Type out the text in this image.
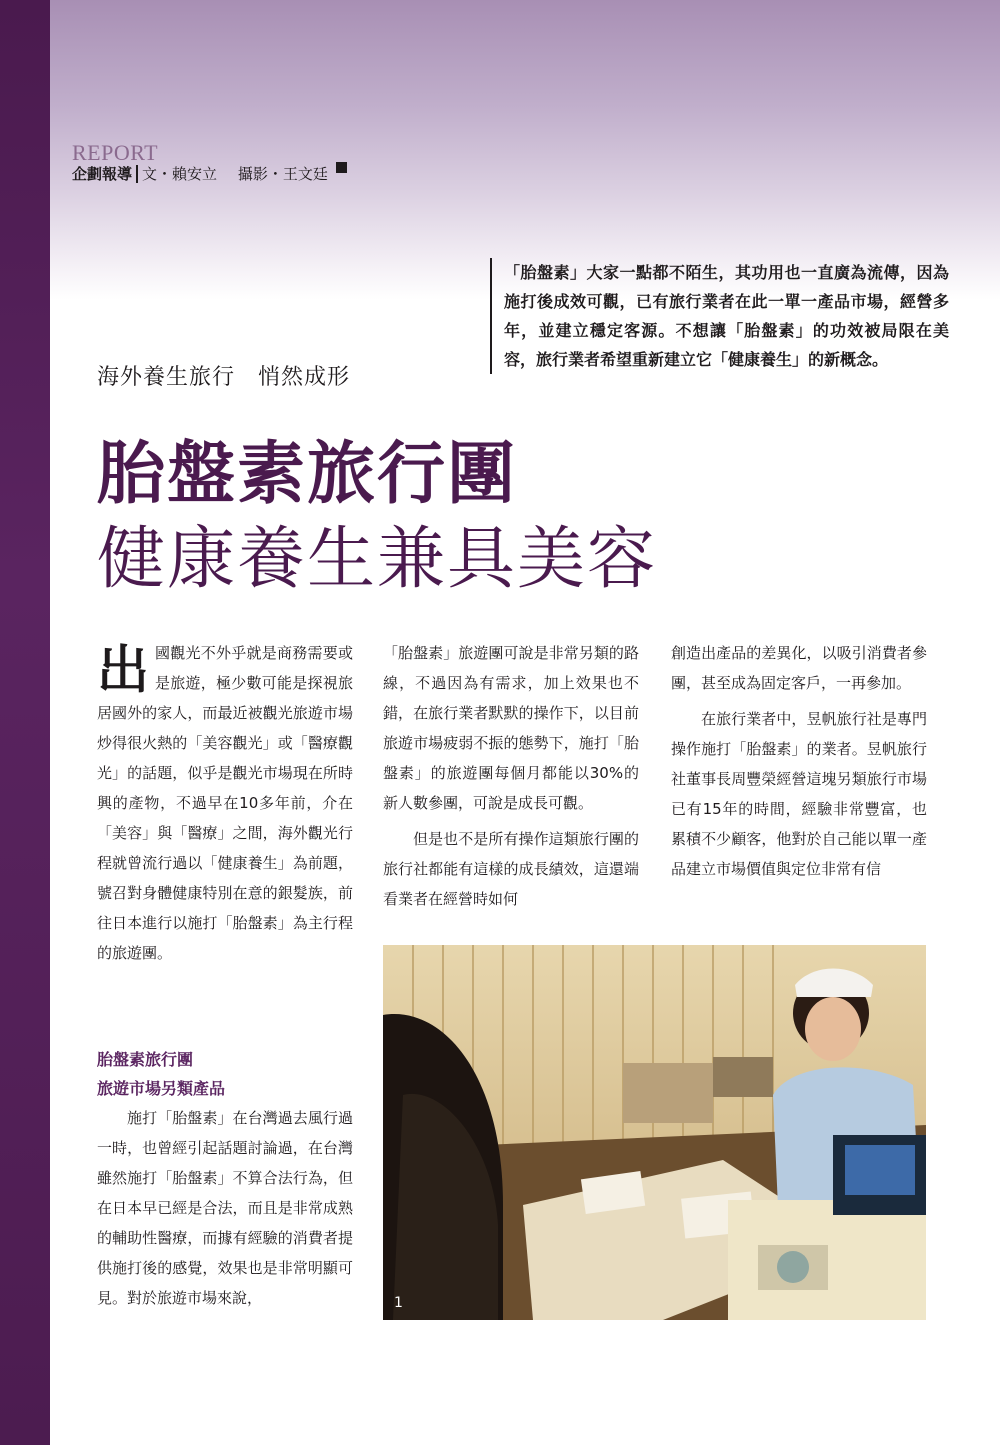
REPORT
企劃報導 文・賴安立 攝影・王文廷
「胎盤素」大家一點都不陌生，其功用也一直廣為流傳，因為施打後成效可觀，已有旅行業者在此一單一產品市場，經營多年，並建立穩定客源。不想讓「胎盤素」的功效被局限在美容，旅行業者希望重新建立它「健康養生」的新概念。
海外養生旅行　悄然成形
胎盤素旅行團
健康養生兼具美容

出國觀光不外乎就是商務需要或是旅遊，極少數可能是探視旅居國外的家人，而最近被觀光旅遊市場炒得很火熱的「美容觀光」或「醫療觀光」的話題，似乎是觀光市場現在所時興的產物，不過早在10多年前，介在「美容」與「醫療」之間，海外觀光行程就曾流行過以「健康養生」為前題，號召對身體健康特別在意的銀髮族，前往日本進行以施打「胎盤素」為主行程的旅遊團。

胎盤素旅行團
旅遊市場另類產品

施打「胎盤素」在台灣過去風行過一時，也曾經引起話題討論過，在台灣雖然施打「胎盤素」不算合法行為，但在日本早已經是合法，而且是非常成熟的輔助性醫療，而據有經驗的消費者提供施打後的感覺，效果也是非常明顯可見。對於旅遊市場來說，

「胎盤素」旅遊團可說是非常另類的路線，不過因為有需求，加上效果也不錯，在旅行業者默默的操作下，以目前旅遊市場疲弱不振的態勢下，施打「胎盤素」的旅遊團每個月都能以30%的新人數參團，可說是成長可觀。

但是也不是所有操作這類旅行團的旅行社都能有這樣的成長績效，這還端看業者在經營時如何

創造出產品的差異化，以吸引消費者參團，甚至成為固定客戶，一再參加。

在旅行業者中，昱帆旅行社是專門操作施打「胎盤素」的業者。昱帆旅行社董事長周豐榮經營這塊另類旅行市場已有15年的時間，經驗非常豐富，也累積不少顧客，他對於自己能以單一產品建立市場價值與定位非常有信

1
